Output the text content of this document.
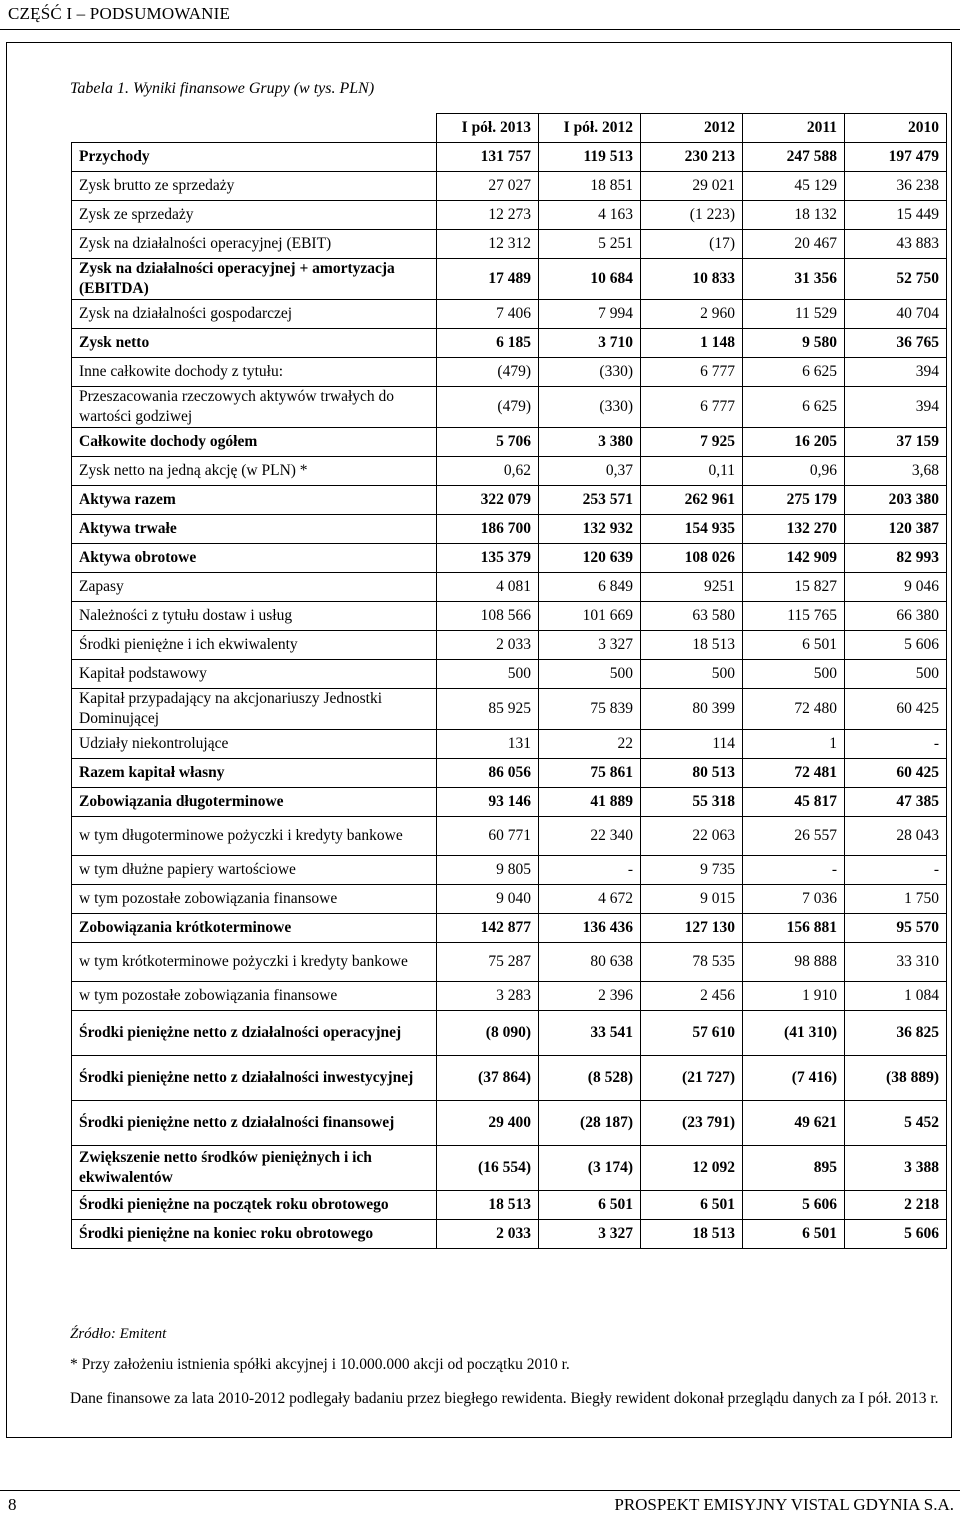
CZĘŚĆ I – PODSUMOWANIE
Tabela 1. Wyniki finansowe Grupy (w tys. PLN)
	I pół. 2013	I pół. 2012	2012	2011	2010
Przychody	131 757	119 513	230 213	247 588	197 479
Zysk brutto ze sprzedaży	27 027	18 851	29 021	45 129	36 238
Zysk ze sprzedaży	12 273	4 163	(1 223)	18 132	15 449
Zysk na działalności operacyjnej (EBIT)	12 312	5 251	(17)	20 467	43 883
Zysk na działalności operacyjnej + amortyzacja (EBITDA)	17 489	10 684	10 833	31 356	52 750
Zysk na działalności gospodarczej	7 406	7 994	2 960	11 529	40 704
Zysk netto	6 185	3 710	1 148	9 580	36 765
Inne całkowite dochody z tytułu:	(479)	(330)	6 777	6 625	394
Przeszacowania rzeczowych aktywów trwałych do wartości godziwej	(479)	(330)	6 777	6 625	394
Całkowite dochody ogółem	5 706	3 380	7 925	16 205	37 159
Zysk netto na jedną akcję (w PLN) *	0,62	0,37	0,11	0,96	3,68
Aktywa razem	322 079	253 571	262 961	275 179	203 380
Aktywa trwałe	186 700	132 932	154 935	132 270	120 387
Aktywa obrotowe	135 379	120 639	108 026	142 909	82 993
Zapasy	4 081	6 849	9251	15 827	9 046
Należności z tytułu dostaw i usług	108 566	101 669	63 580	115 765	66 380
Środki pieniężne i ich ekwiwalenty	2 033	3 327	18 513	6 501	5 606
Kapitał podstawowy	500	500	500	500	500
Kapitał przypadający na akcjonariuszy Jednostki Dominującej	85 925	75 839	80 399	72 480	60 425
Udziały niekontrolujące	131	22	114	1	-
Razem kapitał własny	86 056	75 861	80 513	72 481	60 425
Zobowiązania długoterminowe	93 146	41 889	55 318	45 817	47 385
w tym długoterminowe pożyczki i kredyty bankowe	60 771	22 340	22 063	26 557	28 043
w tym dłużne papiery wartościowe	9 805	-	9 735	-	-
w tym pozostałe zobowiązania finansowe	9 040	4 672	9 015	7 036	1 750
Zobowiązania krótkoterminowe	142 877	136 436	127 130	156 881	95 570
w tym krótkoterminowe pożyczki i kredyty bankowe	75 287	80 638	78 535	98 888	33 310
w tym pozostałe zobowiązania finansowe	3 283	2 396	2 456	1 910	1 084
Środki pieniężne netto z działalności operacyjnej	(8 090)	33 541	57 610	(41 310)	36 825
Środki pieniężne netto z działalności inwestycyjnej	(37 864)	(8 528)	(21 727)	(7 416)	(38 889)
Środki pieniężne netto z działalności finansowej	29 400	(28 187)	(23 791)	49 621	5 452
Zwiększenie netto środków pieniężnych i ich ekwiwalentów	(16 554)	(3 174)	12 092	895	3 388
Środki pieniężne na początek roku obrotowego	18 513	6 501	6 501	5 606	2 218
Środki pieniężne na koniec roku obrotowego	2 033	3 327	18 513	6 501	5 606
Źródło: Emitent
* Przy założeniu istnienia spółki akcyjnej i 10.000.000 akcji od początku 2010 r.
Dane finansowe za lata 2010-2012 podlegały badaniu przez biegłego rewidenta. Biegły rewident dokonał przeglądu danych za I pół. 2013 r.
8	PROSPEKT EMISYJNY VISTAL GDYNIA S.A.
